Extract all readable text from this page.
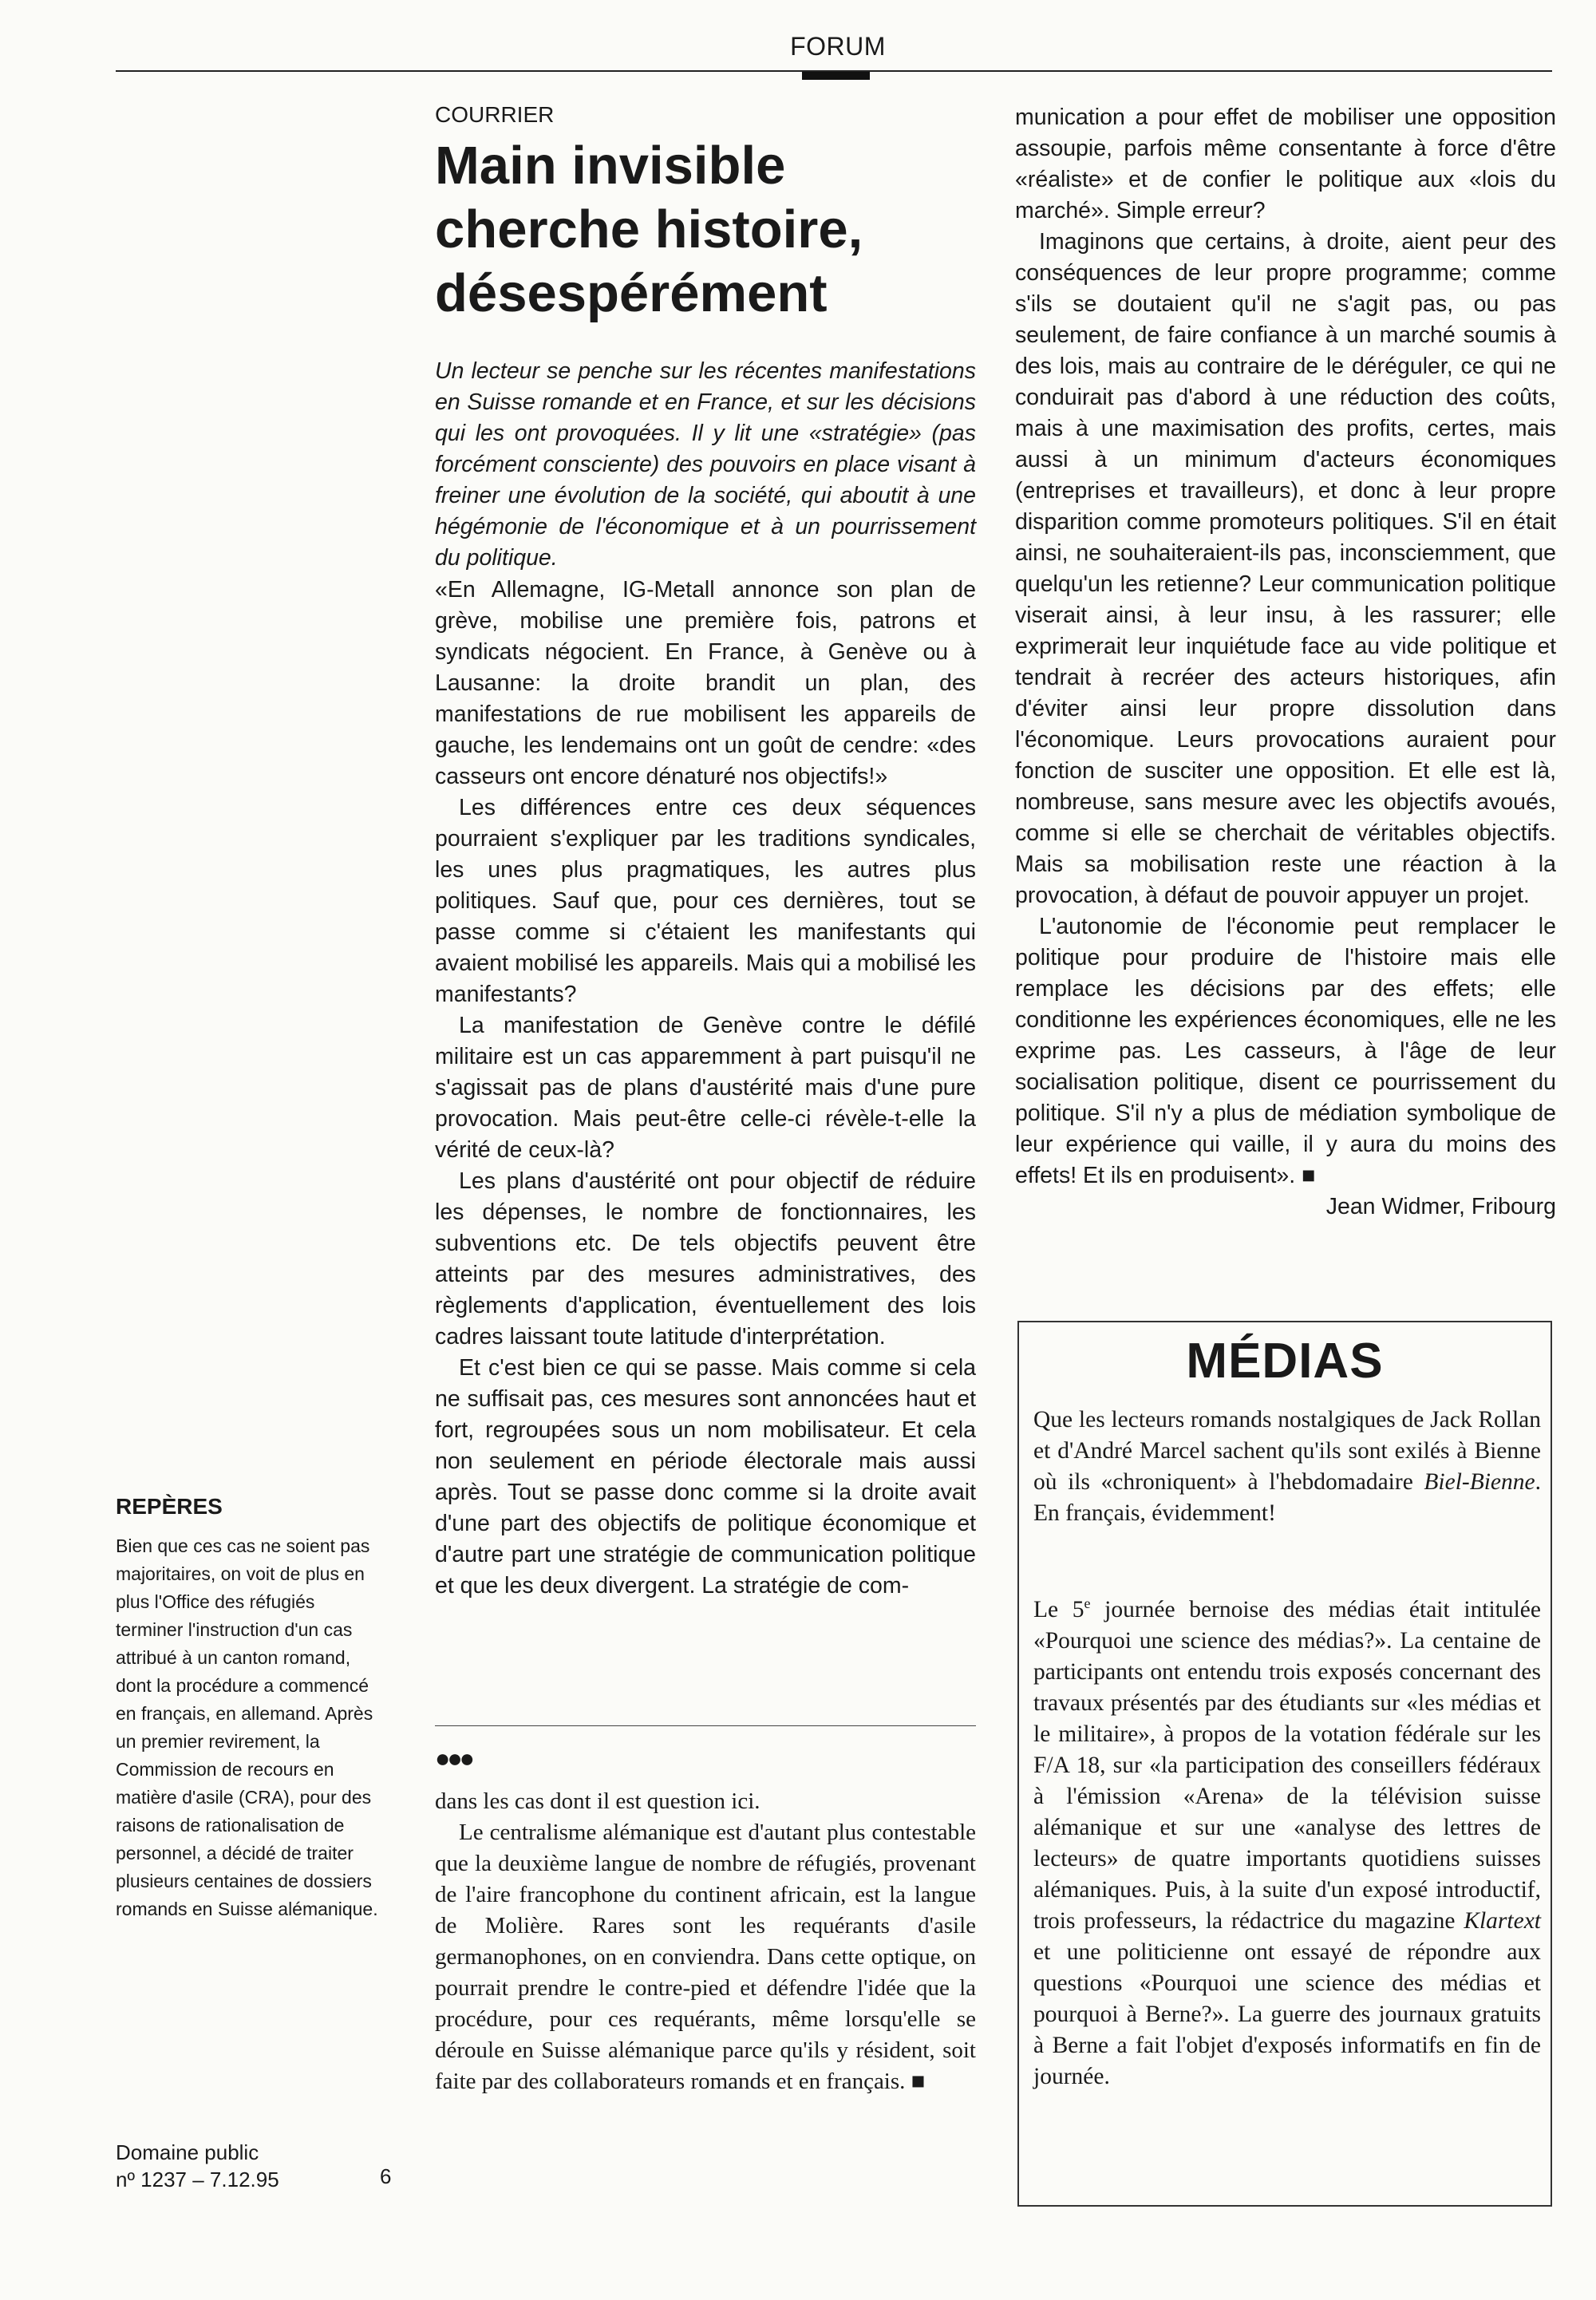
FORUM
COURRIER
Main invisible cherche histoire, désespérément

Un lecteur se penche sur les récentes manifestations en Suisse romande et en France, et sur les décisions qui les ont provoquées. Il y lit une «stratégie» (pas forcément consciente) des pouvoirs en place visant à freiner une évolution de la société, qui aboutit à une hégémonie de l'économique et à un pourrissement du politique.

«En Allemagne, IG-Metall annonce son plan de grève, mobilise une première fois, patrons et syndicats négocient. En France, à Genève ou à Lausanne: la droite brandit un plan, des manifestations de rue mobilisent les appareils de gauche, les lendemains ont un goût de cendre: «des casseurs ont encore dénaturé nos objectifs!»

Les différences entre ces deux séquences pourraient s'expliquer par les traditions syndicales, les unes plus pragmatiques, les autres plus politiques. Sauf que, pour ces dernières, tout se passe comme si c'étaient les manifestants qui avaient mobilisé les appareils. Mais qui a mobilisé les manifestants?

La manifestation de Genève contre le défilé militaire est un cas apparemment à part puisqu'il ne s'agissait pas de plans d'austérité mais d'une pure provocation. Mais peut-être celle-ci révèle-t-elle la vérité de ceux-là?

Les plans d'austérité ont pour objectif de réduire les dépenses, le nombre de fonctionnaires, les subventions etc. De tels objectifs peuvent être atteints par des mesures administratives, des règlements d'application, éventuellement des lois cadres laissant toute latitude d'interprétation.

Et c'est bien ce qui se passe. Mais comme si cela ne suffisait pas, ces mesures sont annoncées haut et fort, regroupées sous un nom mobilisateur. Et cela non seulement en période électorale mais aussi après. Tout se passe donc comme si la droite avait d'une part des objectifs de politique économique et d'autre part une stratégie de communication politique et que les deux divergent. La stratégie de com-

●●●

dans les cas dont il est question ici.

Le centralisme alémanique est d'autant plus contestable que la deuxième langue de nombre de réfugiés, provenant de l'aire francophone du continent africain, est la langue de Molière. Rares sont les requérants d'asile germanophones, on en conviendra. Dans cette optique, on pourrait prendre le contre-pied et défendre l'idée que la procédure, pour ces requérants, même lorsqu'elle se déroule en Suisse alémanique parce qu'ils y résident, soit faite par des collaborateurs romands et en français. ■

munication a pour effet de mobiliser une opposition assoupie, parfois même consentante à force d'être «réaliste» et de confier le politique aux «lois du marché». Simple erreur?

Imaginons que certains, à droite, aient peur des conséquences de leur propre programme; comme s'ils se doutaient qu'il ne s'agit pas, ou pas seulement, de faire confiance à un marché soumis à des lois, mais au contraire de le déréguler, ce qui ne conduirait pas d'abord à une réduction des coûts, mais à une maximisation des profits, certes, mais aussi à un minimum d'acteurs économiques (entreprises et travailleurs), et donc à leur propre disparition comme promoteurs politiques. S'il en était ainsi, ne souhaiteraient-ils pas, inconsciemment, que quelqu'un les retienne? Leur communication politique viserait ainsi, à leur insu, à les rassurer; elle exprimerait leur inquiétude face au vide politique et tendrait à recréer des acteurs historiques, afin d'éviter ainsi leur propre dissolution dans l'économique. Leurs provocations auraient pour fonction de susciter une opposition. Et elle est là, nombreuse, sans mesure avec les objectifs avoués, comme si elle se cherchait de véritables objectifs. Mais sa mobilisation reste une réaction à la provocation, à défaut de pouvoir appuyer un projet.

L'autonomie de l'économie peut remplacer le politique pour produire de l'histoire mais elle remplace les décisions par des effets; elle conditionne les expériences économiques, elle ne les exprime pas. Les casseurs, à l'âge de leur socialisation politique, disent ce pourrissement du politique. S'il n'y a plus de médiation symbolique de leur expérience qui vaille, il y aura du moins des effets! Et ils en produisent». ■

Jean Widmer, Fribourg

MÉDIAS
Que les lecteurs romands nostalgiques de Jack Rollan et d'André Marcel sachent qu'ils sont exilés à Bienne où ils «chroniquent» à l'hebdomadaire Biel-Bienne. En français, évidemment!
Le 5e journée bernoise des médias était intitulée «Pourquoi une science des médias?». La centaine de participants ont entendu trois exposés concernant des travaux présentés par des étudiants sur «les médias et le militaire», à propos de la votation fédérale sur les F/A 18, sur «la participation des conseillers fédéraux à l'émission «Arena» de la télévision suisse alémanique et sur une «analyse des lettres de lecteurs» de quatre importants quotidiens suisses alémaniques. Puis, à la suite d'un exposé introductif, trois professeurs, la rédactrice du magazine Klartext et une politicienne ont essayé de répondre aux questions «Pourquoi une science des médias et pourquoi à Berne?». La guerre des journaux gratuits à Berne a fait l'objet d'exposés informatifs en fin de journée.
REPÈRES
Bien que ces cas ne soient pas majoritaires, on voit de plus en plus l'Office des réfugiés terminer l'instruction d'un cas attribué à un canton romand, dont la procédure a commencé en français, en allemand. Après un premier revirement, la Commission de recours en matière d'asile (CRA), pour des raisons de rationalisation de personnel, a décidé de traiter plusieurs centaines de dossiers romands en Suisse alémanique.
Domaine public
nº 1237 – 7.12.95	6
